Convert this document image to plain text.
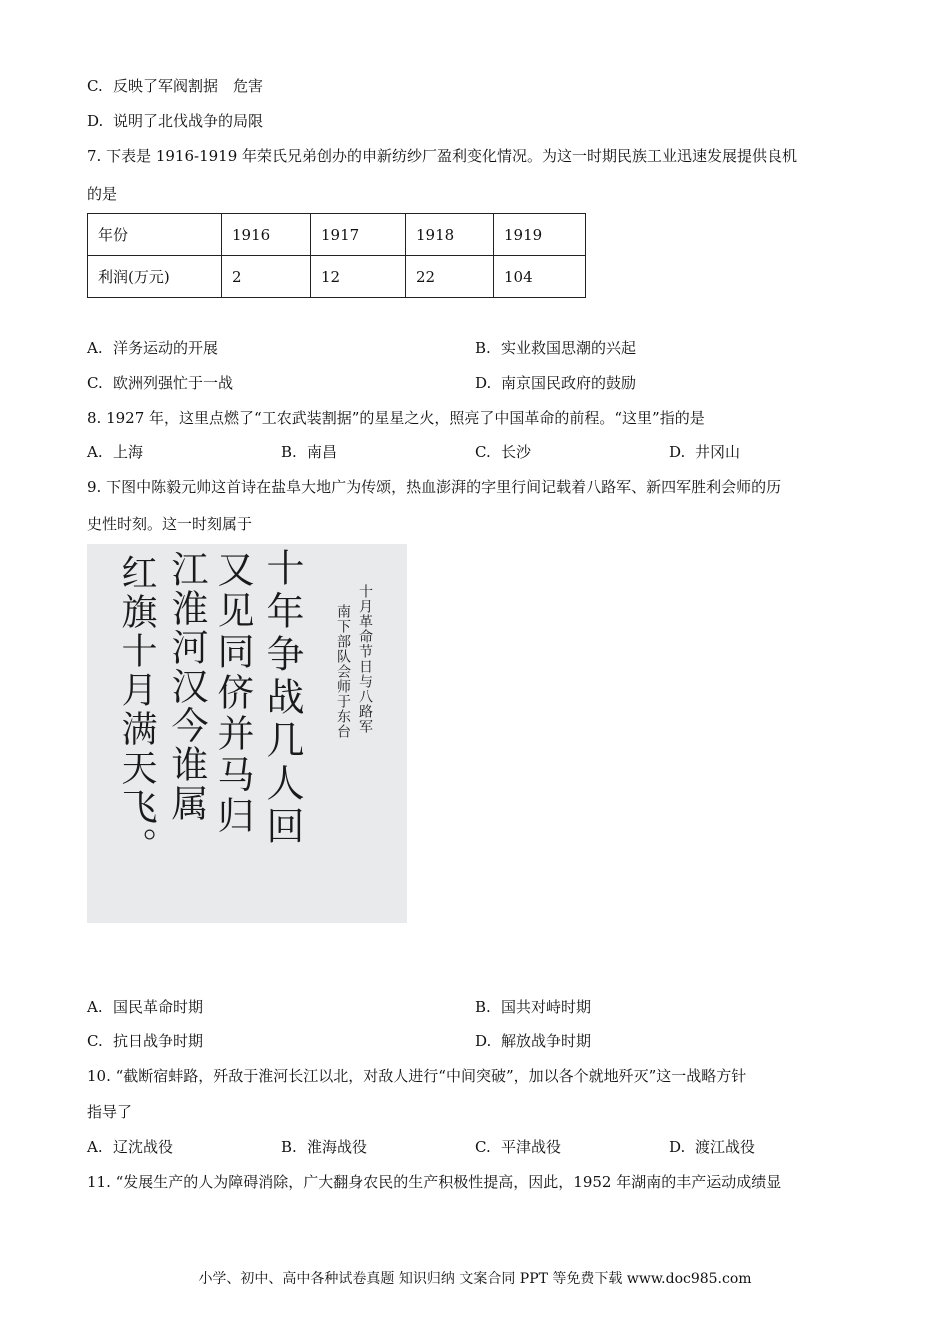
C. 反映了军阀割据　危害
D. 说明了北伐战争的局限
7. 下表是 1916-1919 年荣氏兄弟创办的申新纺纱厂盈利变化情况。为这一时期民族工业迅速发展提供良机
的是
年份	1916	1917	1918	1919
利润(万元)	2	12	22	104
A. 洋务运动的开展	B. 实业救国思潮的兴起
C. 欧洲列强忙于一战	D. 南京国民政府的鼓励
8. 1927 年，这里点燃了“工农武装割据”的星星之火，照亮了中国革命的前程。“这里”指的是
A. 上海	B. 南昌	C. 长沙	D. 井冈山
9. 下图中陈毅元帅这首诗在盐阜大地广为传颂，热血澎湃的字里行间记载着八路军、新四军胜利会师的历
史性时刻。这一时刻属于
红旗十月满天飞。 江淮河汉今谁属 又见同侪并马归 十年争战几人回	十月革命节日与八路军
南下部队会师于东台
A. 国民革命时期	B. 国共对峙时期
C. 抗日战争时期	D. 解放战争时期
10. “截断宿蚌路，歼敌于淮河长江以北，对敌人进行“中间突破”，加以各个就地歼灭”这一战略方针
指导了
A. 辽沈战役	B. 淮海战役	C. 平津战役	D. 渡江战役
11. “发展生产的人为障碍消除，广大翻身农民的生产积极性提高，因此，1952 年湖南的丰产运动成绩显
小学、初中、高中各种试卷真题 知识归纳 文案合同 PPT 等免费下载 www.doc985.com
